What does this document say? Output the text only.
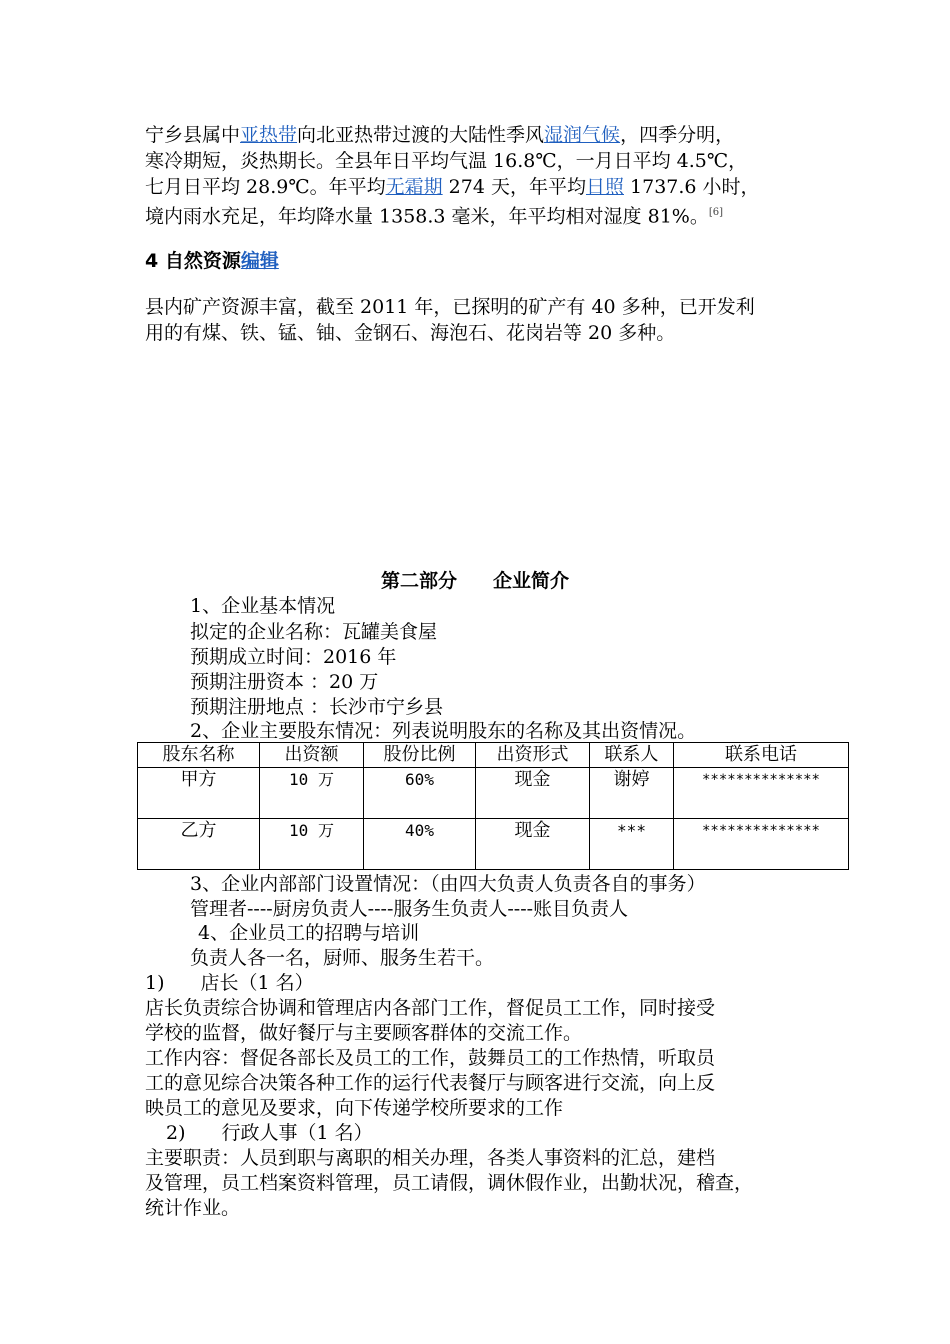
宁乡县属中亚热带向北亚热带过渡的大陆性季风湿润气候，四季分明，
寒冷期短，炎热期长。全县年日平均气温 16.8℃，一月日平均 4.5℃，
七月日平均 28.9℃。年平均无霜期 274 天，年平均日照 1737.6 小时，
境内雨水充足，年均降水量 1358.3 毫米，年平均相对湿度 81%。[6]
4 自然资源编辑
县内矿产资源丰富，截至 2011 年，已探明的矿产有 40 多种，已开发利
用的有煤、铁、锰、铀、金钢石、海泡石、花岗岩等 20 多种。
第二部分 企业简介
1、企业基本情况
拟定的企业名称：瓦罐美食屋
预期成立时间：2016 年
预期注册资本 ：20 万
预期注册地点 ：长沙市宁乡县
2、企业主要股东情况：列表说明股东的名称及其出资情况。
股东名称	出资额	股份比例	出资形式	联系人	联系电话
甲方	10 万	60%	现金	谢婷	**************
乙方	10 万	40%	现金	***	**************
3、企业内部部门设置情况：（由四大负责人负责各自的事务）
管理者----厨房负责人----服务生负责人----账目负责人
4、企业员工的招聘与培训
负责人各一名，厨师、服务生若干。
1) 店长（1 名）
店长负责综合协调和管理店内各部门工作，督促员工工作，同时接受
学校的监督，做好餐厅与主要顾客群体的交流工作。
工作内容：督促各部长及员工的工作，鼓舞员工的工作热情，听取员
工的意见综合决策各种工作的运行代表餐厅与顾客进行交流，向上反
映员工的意见及要求，向下传递学校所要求的工作
2) 行政人事（1 名）
主要职责：人员到职与离职的相关办理，各类人事资料的汇总，建档
及管理，员工档案资料管理，员工请假，调休假作业，出勤状况，稽查，
统计作业。
